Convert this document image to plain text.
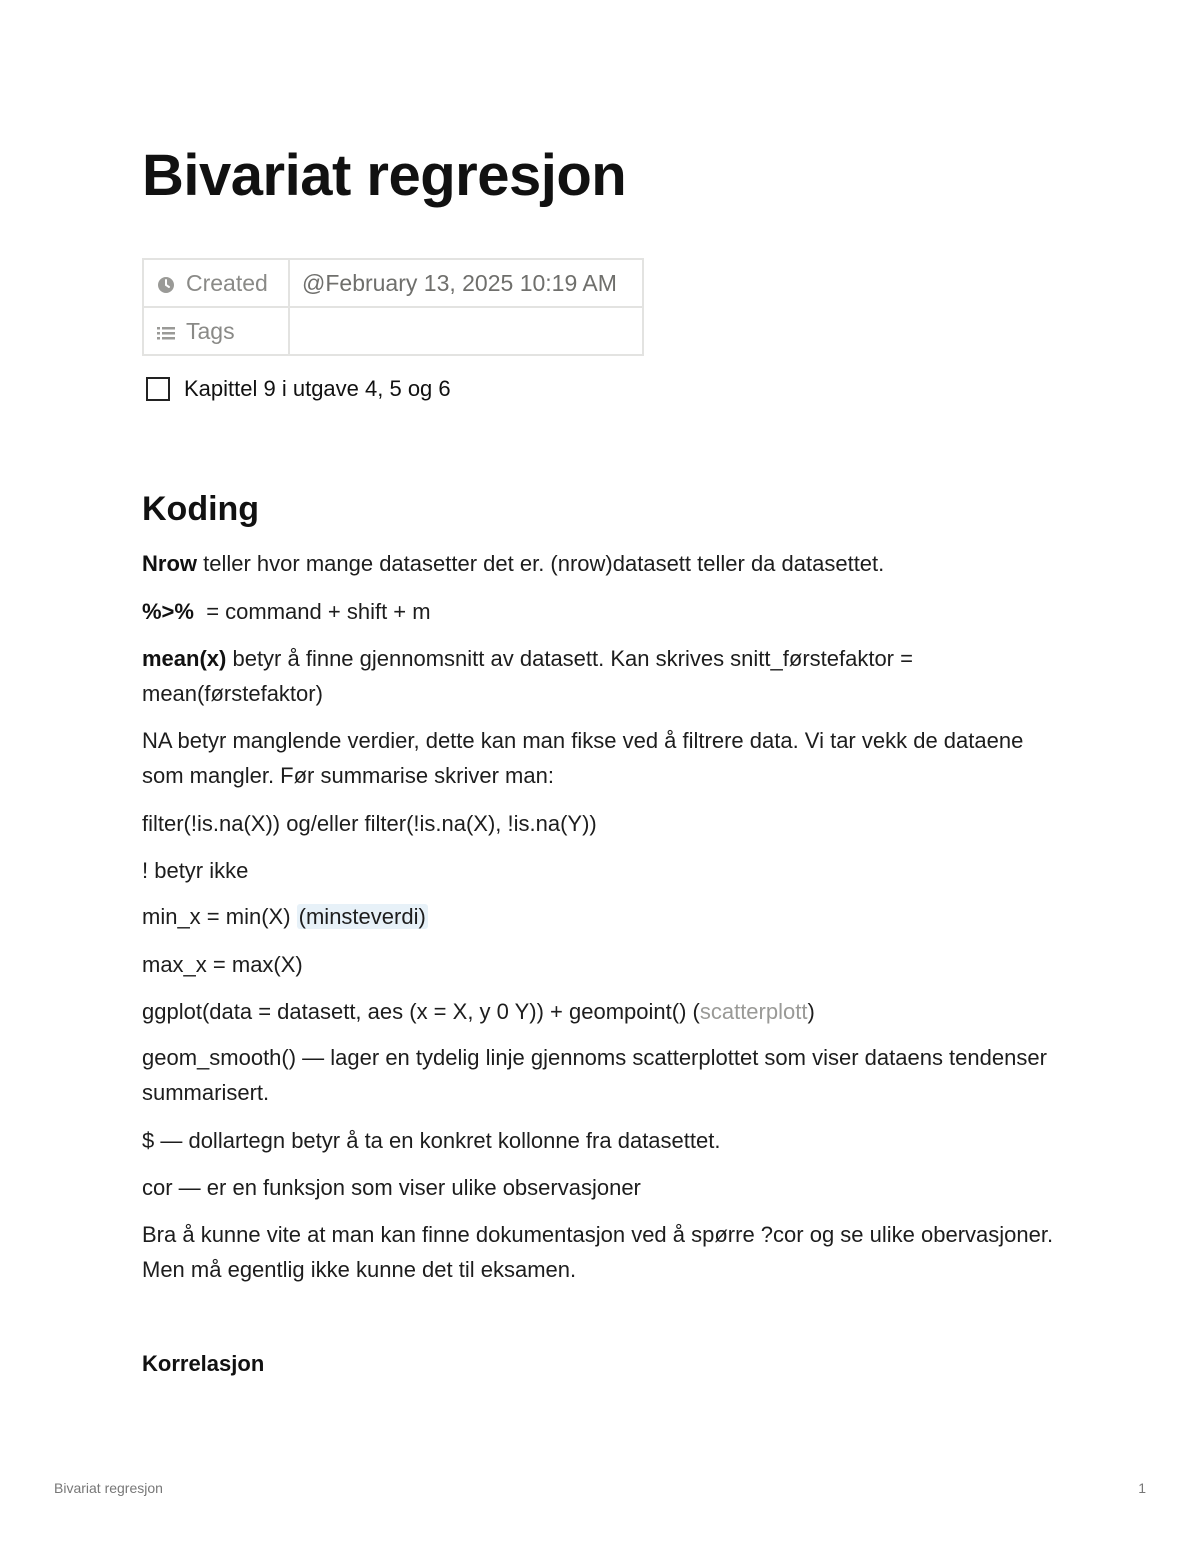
Bivariat regresjon
Created	@February 13, 2025 10:19 AM
Tags	
Kapittel 9 i utgave 4, 5 og 6
Koding

Nrow teller hvor mange datasetter det er. (nrow)datasett teller da datasettet.

%>%  = command + shift + m

mean(x) betyr å finne gjennomsnitt av datasett. Kan skrives snitt_førstefaktor = mean(førstefaktor)

NA betyr manglende verdier, dette kan man fikse ved å filtrere data. Vi tar vekk de dataene som mangler. Før summarise skriver man:

filter(!is.na(X)) og/eller filter(!is.na(X), !is.na(Y))

! betyr ikke

min_x = min(X) (minsteverdi)

max_x = max(X)

ggplot(data = datasett, aes (x = X, y 0 Y)) + geompoint() (scatterplott)

geom_smooth() — lager en tydelig linje gjennoms scatterplottet som viser dataens tendenser summarisert.

$ — dollartegn betyr å ta en konkret kollonne fra datasettet.

cor — er en funksjon som viser ulike observasjoner

Bra å kunne vite at man kan finne dokumentasjon ved å spørre ?cor og se ulike obervasjoner. Men må egentlig ikke kunne det til eksamen.

Korrelasjon
Bivariat regresjon	1
